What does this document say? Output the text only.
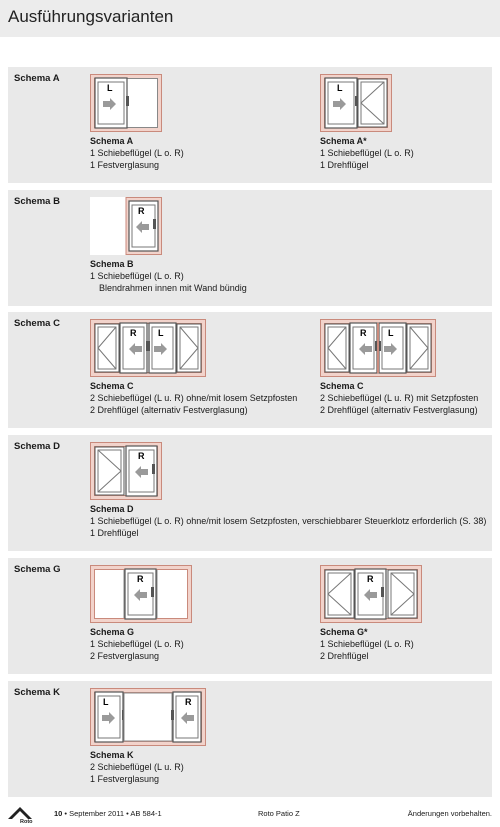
Ausführungsvarianten
Schema A
L
Schema A
1 Schiebeflügel (L o. R)
1 Festverglasung
L
Schema A*
1 Schiebeflügel (L o. R)
1 Drehflügel
Schema B
R
Schema B
1 Schiebeflügel (L o. R)
Blendrahmen innen mit Wand bündig
Schema C
R L
Schema C
2 Schiebeflügel (L u. R) ohne/mit losem Setzpfosten
2 Drehflügel (alternativ Festverglasung)
R L
Schema C
2 Schiebeflügel (L u. R) mit Setzpfosten
2 Drehflügel (alternativ Festverglasung)
Schema D
R
Schema D
1 Schiebeflügel (L o. R) ohne/mit losem Setzpfosten, verschiebbarer Steuerklotz erforderlich (S. 38)
1 Drehflügel
Schema G
R
Schema G
1 Schiebeflügel (L o. R)
2 Festverglasung
R
Schema G*
1 Schiebeflügel (L o. R)
2 Drehflügel
Schema K
L	R
Schema K
2 Schiebeflügel (L u. R)
1 Festverglasung
Roto
10 • September 2011 • AB 584-1	Roto Patio Z	Änderungen vorbehalten.
